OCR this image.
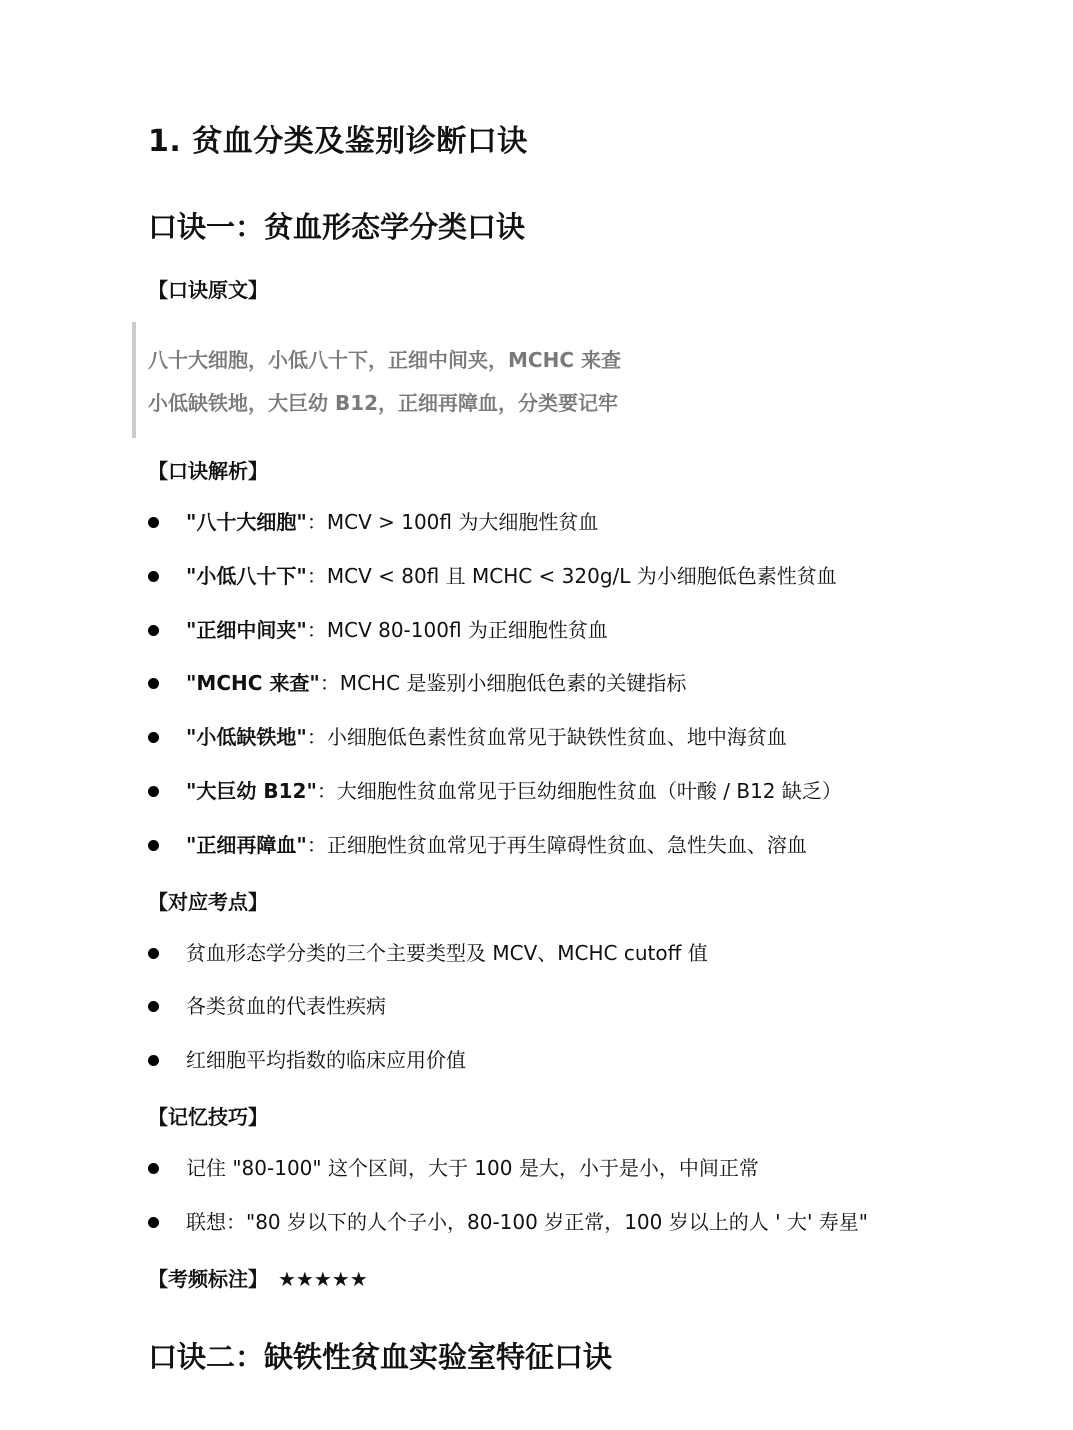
1. 贫血分类及鉴别诊断口诀
口诀一：贫血形态学分类口诀
【口诀原文】
八十大细胞，小低八十下，正细中间夹，MCHC 来查
小低缺铁地，大巨幼 B12，正细再障血，分类要记牢
【口诀解析】
"八十大细胞"：MCV > 100fl 为大细胞性贫血
"小低八十下"：MCV < 80fl 且 MCHC < 320g/L 为小细胞低色素性贫血
"正细中间夹"：MCV 80-100fl 为正细胞性贫血
"MCHC 来查"：MCHC 是鉴别小细胞低色素的关键指标
"小低缺铁地"：小细胞低色素性贫血常见于缺铁性贫血、地中海贫血
"大巨幼 B12"：大细胞性贫血常见于巨幼细胞性贫血（叶酸 / B12 缺乏）
"正细再障血"：正细胞性贫血常见于再生障碍性贫血、急性失血、溶血
【对应考点】
贫血形态学分类的三个主要类型及 MCV、MCHC cutoff 值
各类贫血的代表性疾病
红细胞平均指数的临床应用价值
【记忆技巧】
记住 "80-100" 这个区间，大于 100 是大，小于是小，中间正常
联想："80 岁以下的人个子小，80-100 岁正常，100 岁以上的人 ' 大' 寿星"
【考频标注】 ★★★★★
口诀二：缺铁性贫血实验室特征口诀
